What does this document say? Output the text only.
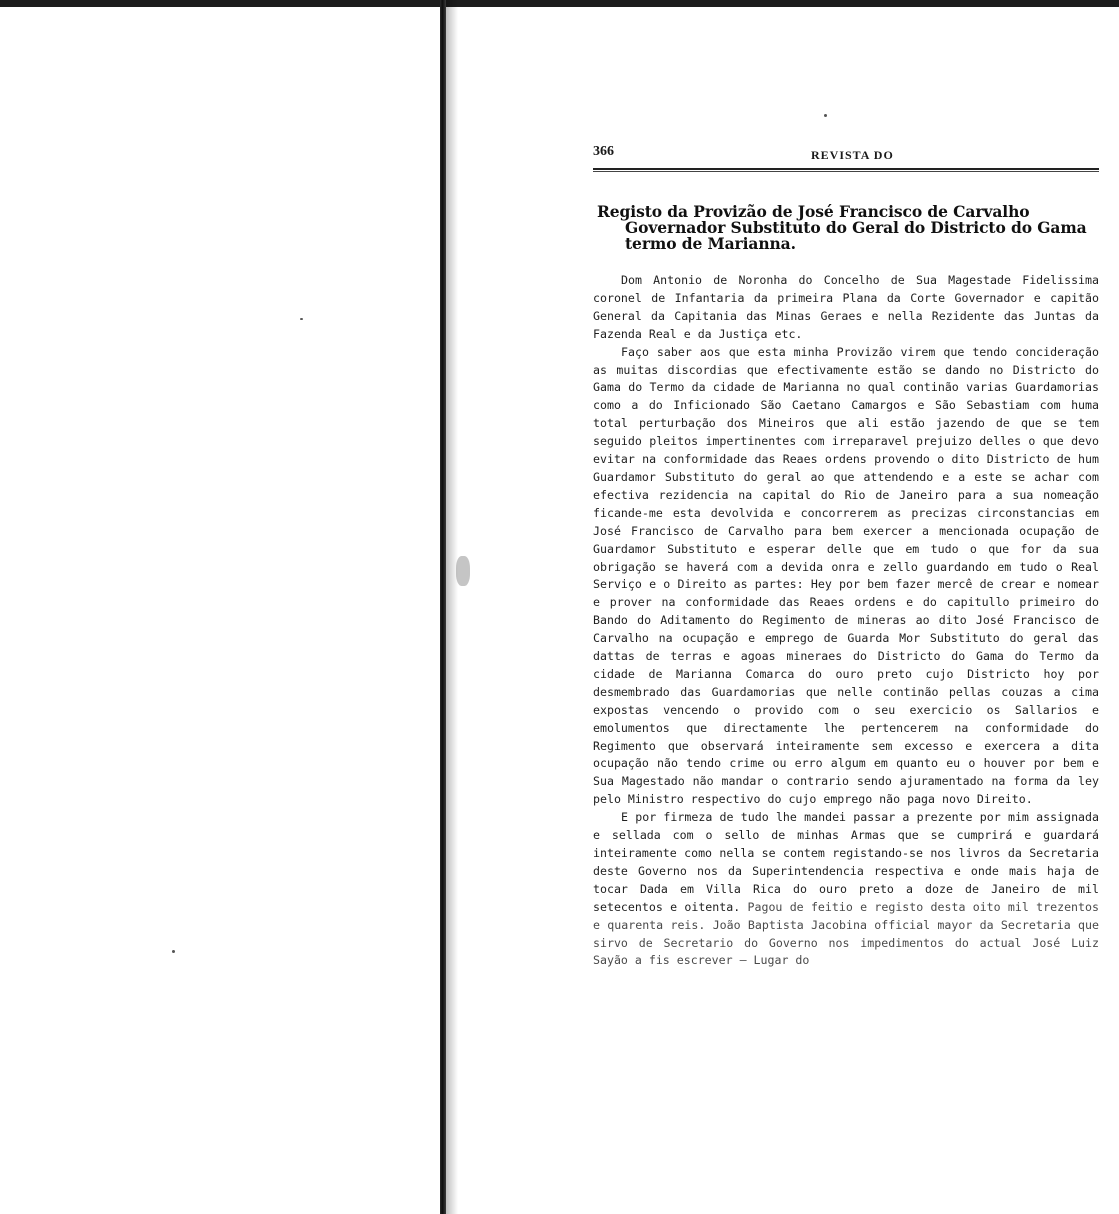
366	REVISTA DO
Registo da Provizão de José Francisco de Carvalho Governador Substituto do Geral do Districto do Gama termo de Marianna.

Dom Antonio de Noronha do Concelho de Sua Magestade Fidelissima coronel de Infantaria da primeira Plana da Corte Governador e capitão General da Capitania das Minas Geraes e nella Rezidente das Juntas da Fazenda Real e da Justiça etc.

Faço saber aos que esta minha Provizão virem que tendo concideração as muitas discordias que efectivamente estão se dando no Districto do Gama do Termo da cidade de Marianna no qual continão varias Guardamorias como a do Inficionado São Caetano Camargos e São Sebastiam com huma total perturbação dos Mineiros que ali estão jazendo de que se tem seguido pleitos impertinentes com irreparavel prejuizo delles o que devo evitar na conformidade das Reaes ordens provendo o dito Districto de hum Guardamor Substituto do geral ao que attendendo e a este se achar com efectiva rezidencia na capital do Rio de Janeiro para a sua nomeação ficande-me esta devolvida e concorrerem as precizas circonstancias em José Francisco de Carvalho para bem exercer a mencionada ocupação de Guardamor Substituto e esperar delle que em tudo o que for da sua obrigação se haverá com a devida onra e zello guardando em tudo o Real Serviço e o Direito as partes: Hey por bem fazer mercê de crear e nomear e prover na conformidade das Reaes ordens e do capitullo primeiro do Bando do Aditamento do Regimento de mineras ao dito José Francisco de Carvalho na ocupação e emprego de Guarda Mor Substituto do geral das dattas de terras e agoas mineraes do Districto do Gama do Termo da cidade de Marianna Comarca do ouro preto cujo Districto hoy por desmembrado das Guardamorias que nelle continão pellas couzas a cima expostas vencendo o provido com o seu exercicio os Sallarios e emolumentos que directamente lhe pertencerem na conformidade do Regimento que observará inteiramente sem excesso e exercera a dita ocupação não tendo crime ou erro algum em quanto eu o houver por bem e Sua Magestado não mandar o contrario sendo ajuramentado na forma da ley pelo Ministro respectivo do cujo emprego não paga novo Direito.

E por firmeza de tudo lhe mandei passar a prezente por mim assignada e sellada com o sello de minhas Armas que se cumprirá e guardará inteiramente como nella se contem registando-se nos livros da Secretaria deste Governo nos da Superintendencia respectiva e onde mais haja de tocar Dada em Villa Rica do ouro preto a doze de Janeiro de mil setecentos e oitenta. Pagou de feitio e registo desta oito mil trezentos e quarenta reis. João Baptista Jacobina official mayor da Secretaria que sirvo de Secretario do Governo nos impedimentos do actual José Luiz Sayão a fis escrever — Lugar do
